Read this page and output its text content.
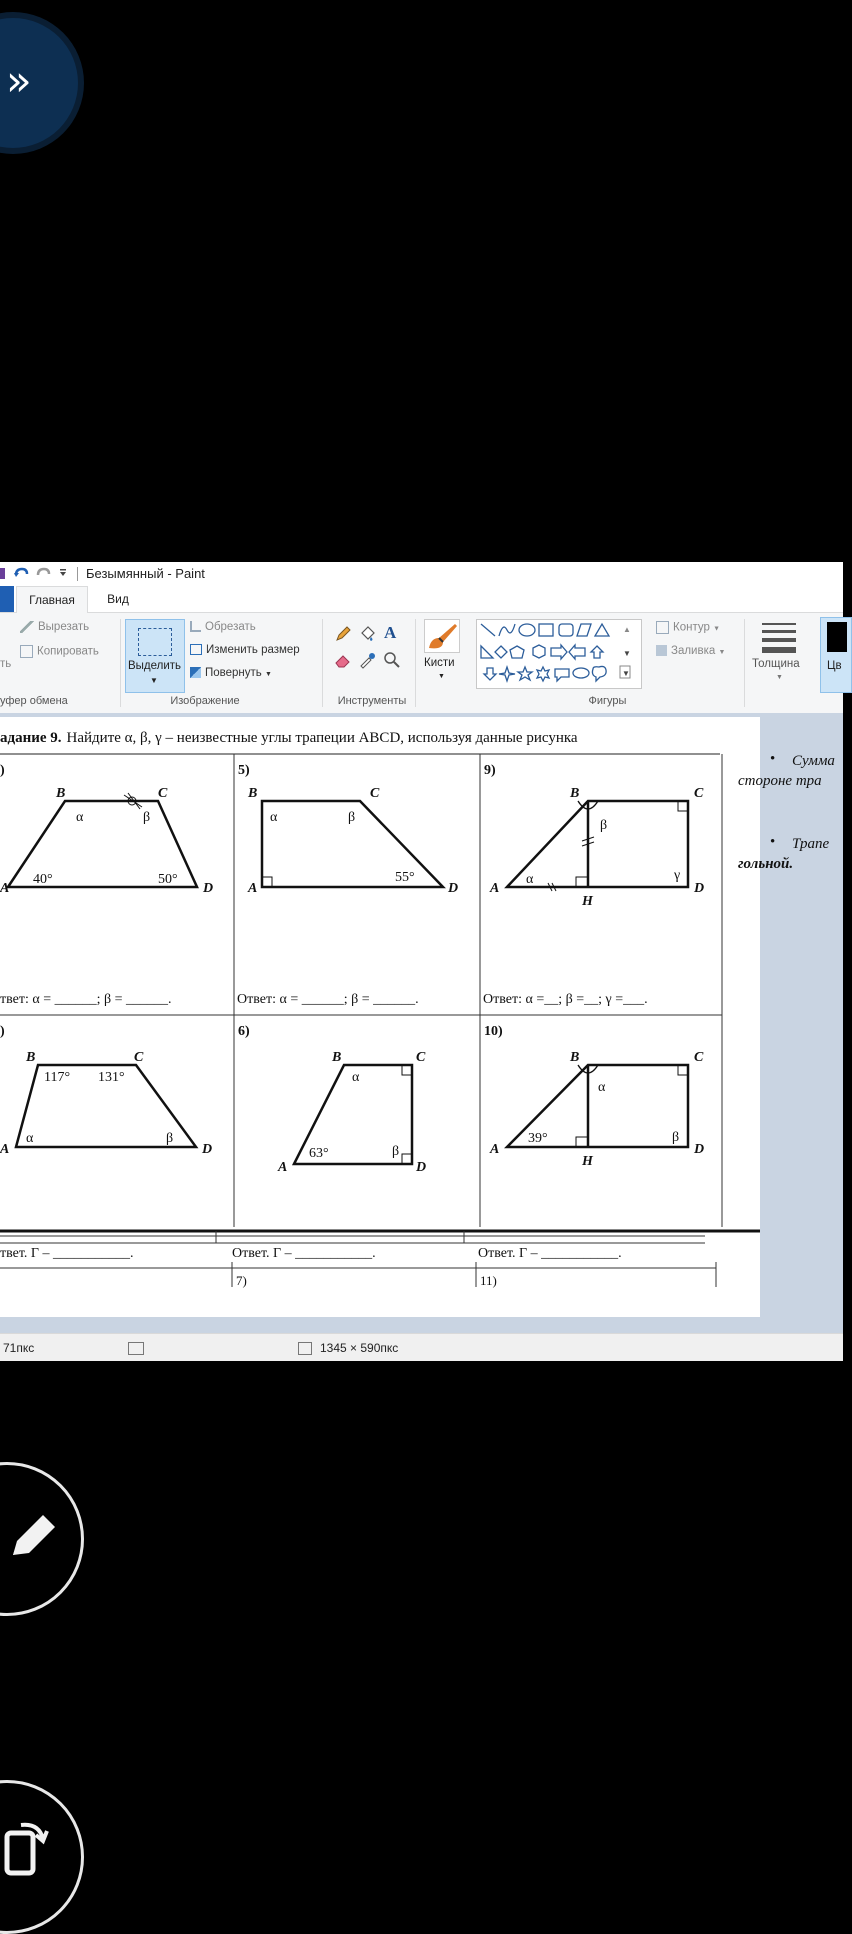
»
Безымянный - Paint
Главная	Вид
ть
Вырезать
Копировать
уфер обмена
Выделить
▼
Обрезать
Изменить размер
Повернуть ▼
Изображение
A
Инструменты
Кисти
▼
▲
▼
▼
Контур ▼
Заливка ▼
Фигуры
Толщина
▼
Цв
адание 9. Найдите α, β, γ – неизвестные углы трапеции ABCD, используя данные рисунка
• Сумма
стороне тра
• Трапе
гольной.
)
A
B	C
D
α	β
40°	50°
твет: α = ______; β = ______.
5)
A
B	C
D
α	β
55°
Ответ: α = ______; β = ______.
9)
A
B	C
D
H
α
β
γ
Ответ: α =__; β =__; γ =___.
)
A
B	C
D
117° 131°
α	β
6)
A
B	C
D
α
β
63°
10)
A
B	C
D
H
α
β
39°
твет. Γ – ___________.	Ответ. Γ – ___________.	Ответ. Γ – ___________.
7)	11)
71пкс	1345 × 590пкс
